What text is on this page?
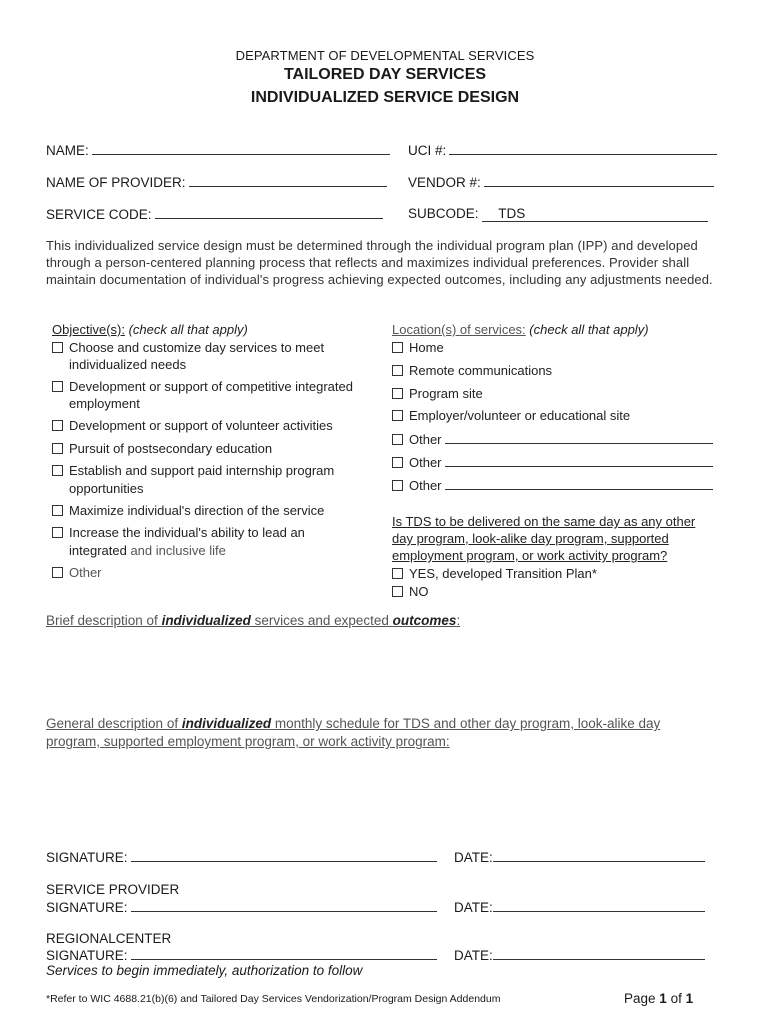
DEPARTMENT OF DEVELOPMENTAL SERVICES
TAILORED DAY SERVICES
INDIVIDUALIZED SERVICE DESIGN
NAME:	UCI #:
NAME OF PROVIDER:	VENDOR #:
SERVICE CODE:	SUBCODE: TDS
This individualized service design must be determined through the individual program plan (IPP) and developed through a person-centered planning process that reflects and maximizes individual preferences. Provider shall maintain documentation of individual's progress achieving expected outcomes, including any adjustments needed.
Objective(s): (check all that apply)
Choose and customize day services to meet
individualized needs
Development or support of competitive integrated
employment
Development or support of volunteer activities
Pursuit of postsecondary education
Establish and support paid internship program
opportunities
Maximize individual's direction of the service
Increase the individual's ability to lead an
integrated and inclusive life
Other
Location(s) of services: (check all that apply)
Home
Remote communications
Program site
Employer/volunteer or educational site
Other
Other
Other
Is TDS to be delivered on the same day as any other
day program, look-alike day program, supported
employment program, or work activity program?
YES, developed Transition Plan*
NO
Brief description of individualized services and expected outcomes:
General description of individualized monthly schedule for TDS and other day program, look-alike day
program, supported employment program, or work activity program:
SIGNATURE:	DATE:
SERVICE PROVIDER
SIGNATURE:	DATE:
REGIONALCENTER
SIGNATURE:	DATE:
Services to begin immediately, authorization to follow
*Refer to WIC 4688.21(b)(6) and Tailored Day Services Vendorization/Program Design Addendum	Page 1 of 1
